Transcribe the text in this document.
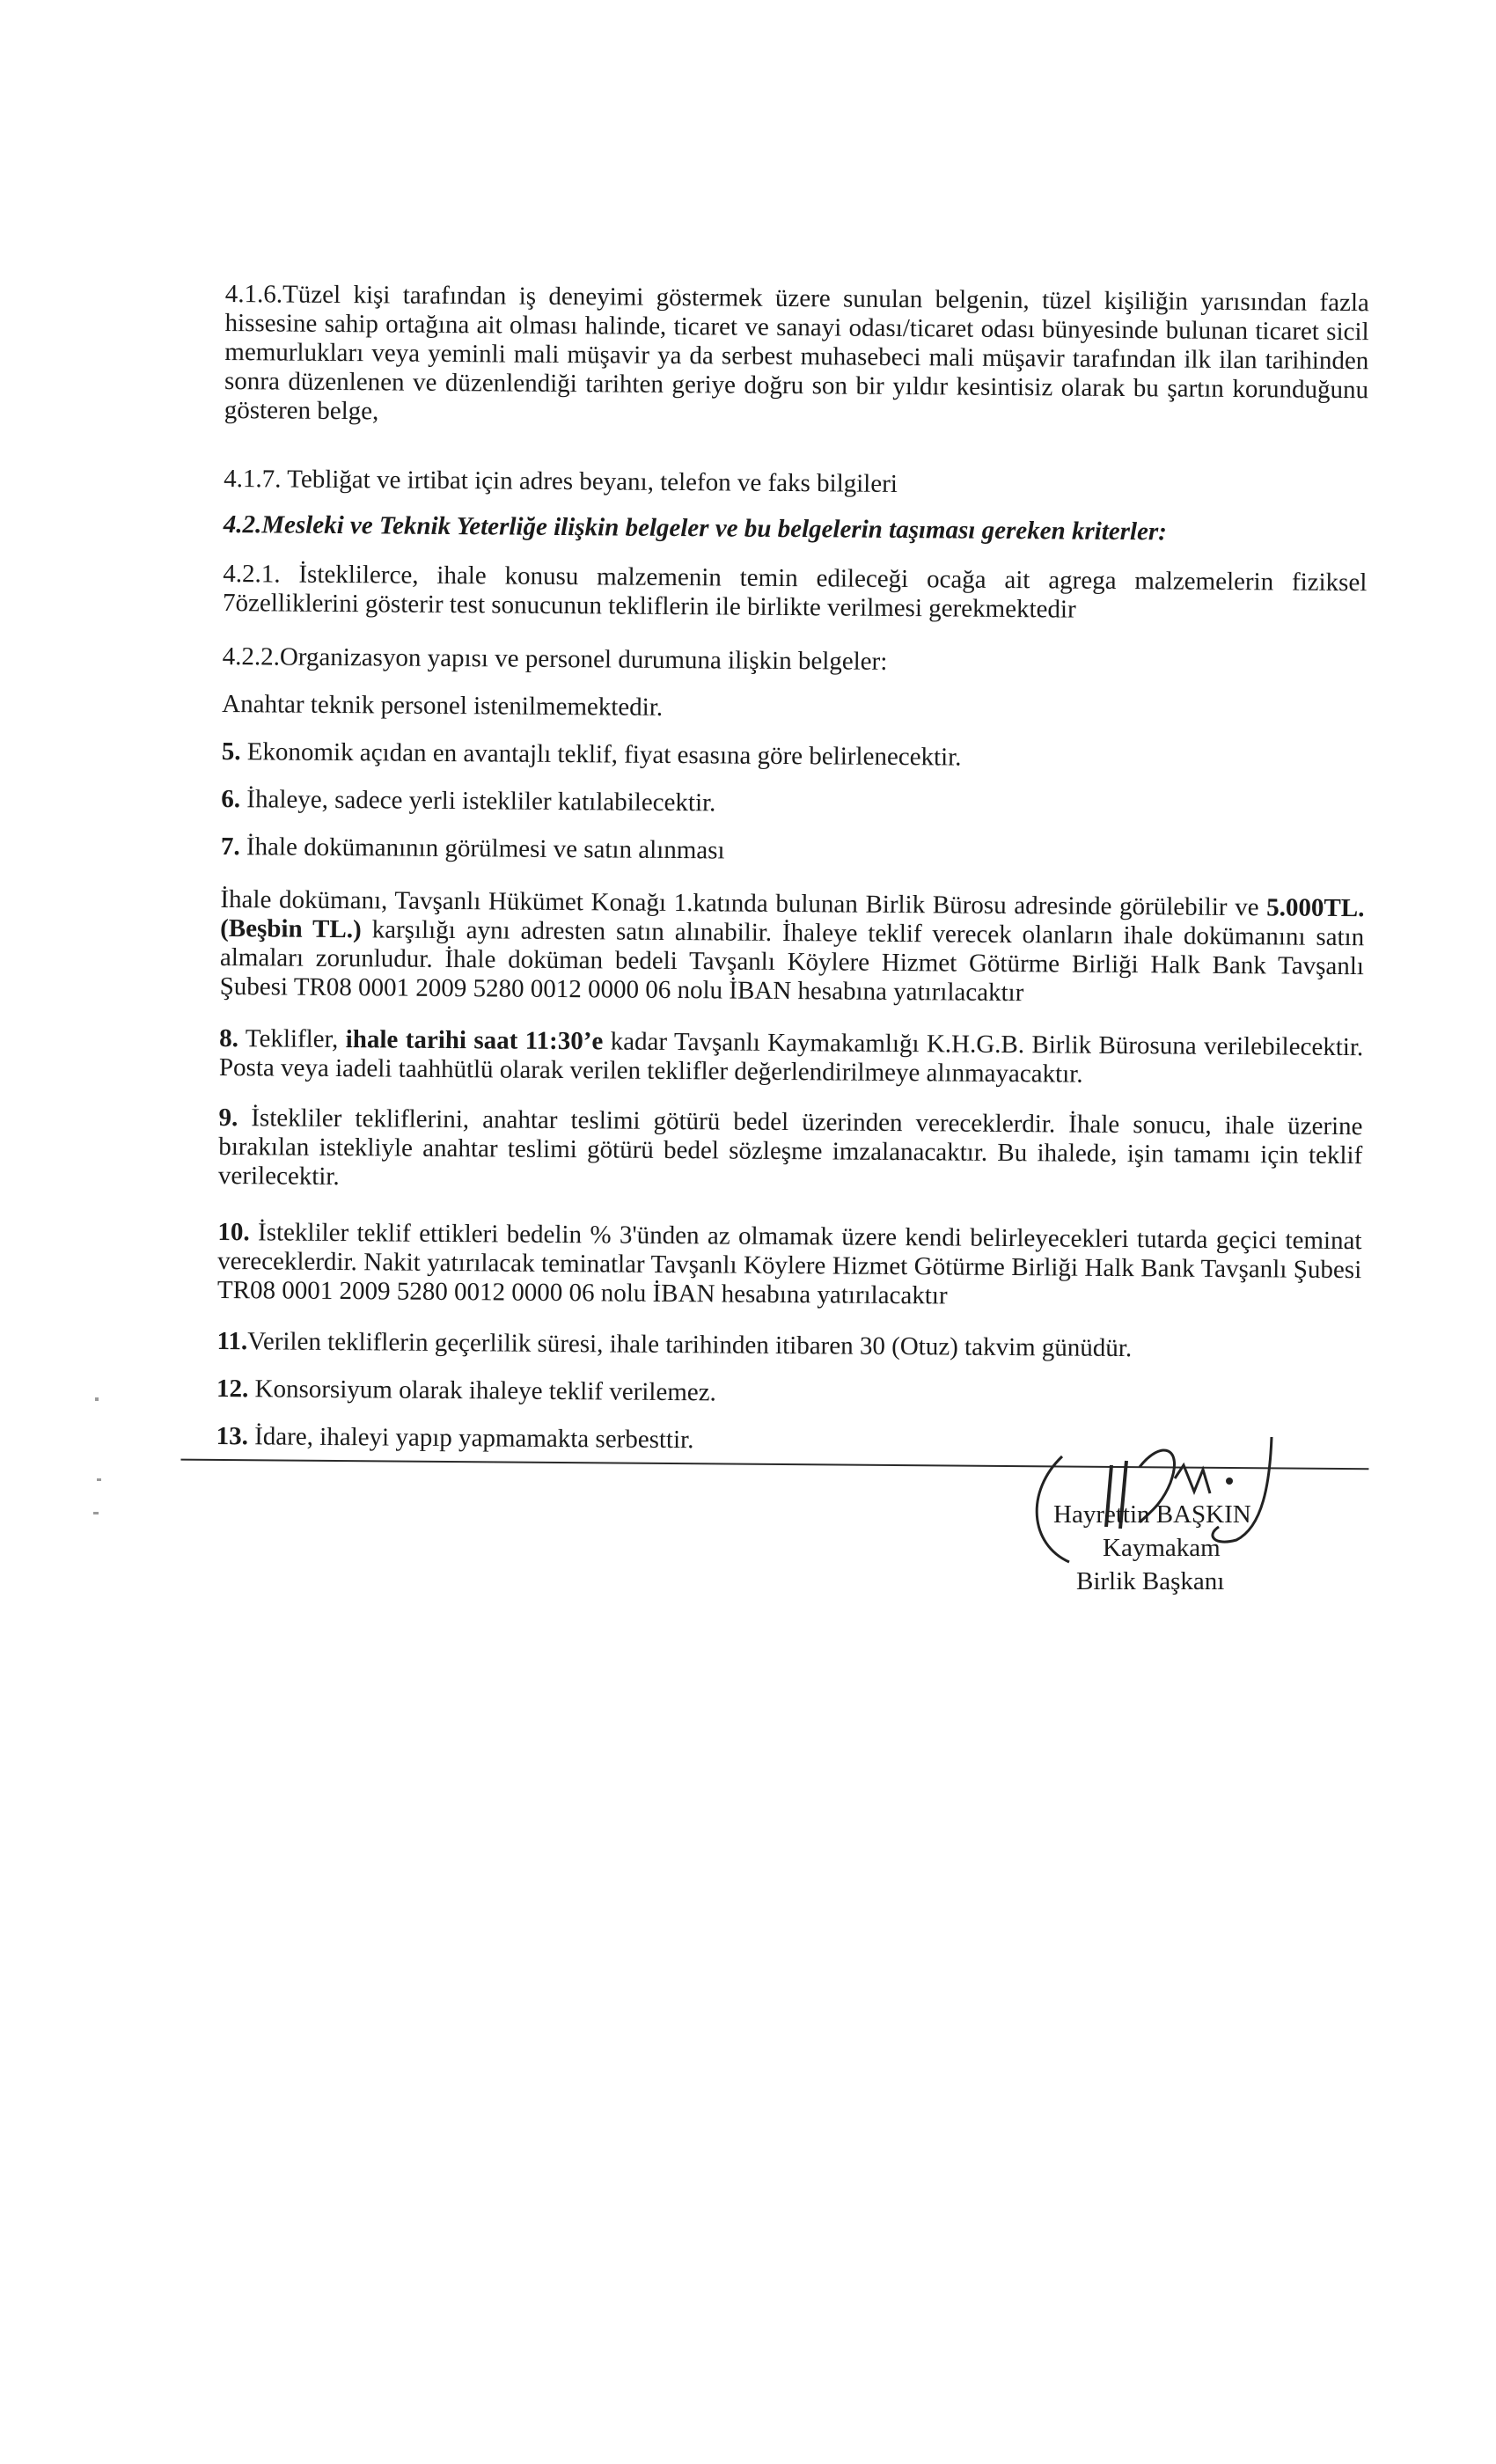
4.1.6.Tüzel kişi tarafından iş deneyimi göstermek üzere sunulan belgenin, tüzel kişiliğin yarısından fazla hissesine sahip ortağına ait olması halinde, ticaret ve sanayi odası/ticaret odası bünyesinde bulunan ticaret sicil memurlukları veya yeminli mali müşavir ya da serbest muhasebeci mali müşavir tarafından ilk ilan tarihinden sonra düzenlenen ve düzenlendiği tarihten geriye doğru son bir yıldır kesintisiz olarak bu şartın korunduğunu gösteren belge,
4.1.7. Tebliğat ve irtibat için adres beyanı, telefon ve faks bilgileri
4.2.Mesleki ve Teknik Yeterliğe ilişkin belgeler ve bu belgelerin taşıması gereken kriterler:
4.2.1. İsteklilerce, ihale konusu malzemenin temin edileceği ocağa ait agrega malzemelerin fiziksel 7özelliklerini gösterir test sonucunun tekliflerin ile birlikte verilmesi gerekmektedir
4.2.2.Organizasyon yapısı ve personel durumuna ilişkin belgeler:
Anahtar teknik personel istenilmemektedir.
5. Ekonomik açıdan en avantajlı teklif, fiyat esasına göre belirlenecektir.
6. İhaleye, sadece yerli istekliler katılabilecektir.
7. İhale dokümanının görülmesi ve satın alınması
İhale dokümanı, Tavşanlı Hükümet Konağı 1.katında bulunan Birlik Bürosu adresinde görülebilir ve 5.000TL. (Beşbin TL.) karşılığı aynı adresten satın alınabilir. İhaleye teklif verecek olanların ihale dokümanını satın almaları zorunludur. İhale doküman bedeli Tavşanlı Köylere Hizmet Götürme Birliği Halk Bank Tavşanlı Şubesi TR08 0001 2009 5280 0012 0000 06 nolu İBAN hesabına yatırılacaktır
8. Teklifler, ihale tarihi saat 11:30’e kadar Tavşanlı Kaymakamlığı K.H.G.B. Birlik Bürosuna verilebilecektir. Posta veya iadeli taahhütlü olarak verilen teklifler değerlendirilmeye alınmayacaktır.
9. İstekliler tekliflerini, anahtar teslimi götürü bedel üzerinden vereceklerdir. İhale sonucu, ihale üzerine bırakılan istekliyle anahtar teslimi götürü bedel sözleşme imzalanacaktır. Bu ihalede, işin tamamı için teklif verilecektir.
10. İstekliler teklif ettikleri bedelin % 3'ünden az olmamak üzere kendi belirleyecekleri tutarda geçici teminat vereceklerdir. Nakit yatırılacak teminatlar Tavşanlı Köylere Hizmet Götürme Birliği Halk Bank Tavşanlı Şubesi TR08 0001 2009 5280 0012 0000 06 nolu İBAN hesabına yatırılacaktır
11.Verilen tekliflerin geçerlilik süresi, ihale tarihinden itibaren 30 (Otuz) takvim günüdür.
12. Konsorsiyum olarak ihaleye teklif verilemez.
13. İdare, ihaleyi yapıp yapmamakta serbesttir.
Hayrettin BAŞKIN
Kaymakam
Birlik Başkanı
